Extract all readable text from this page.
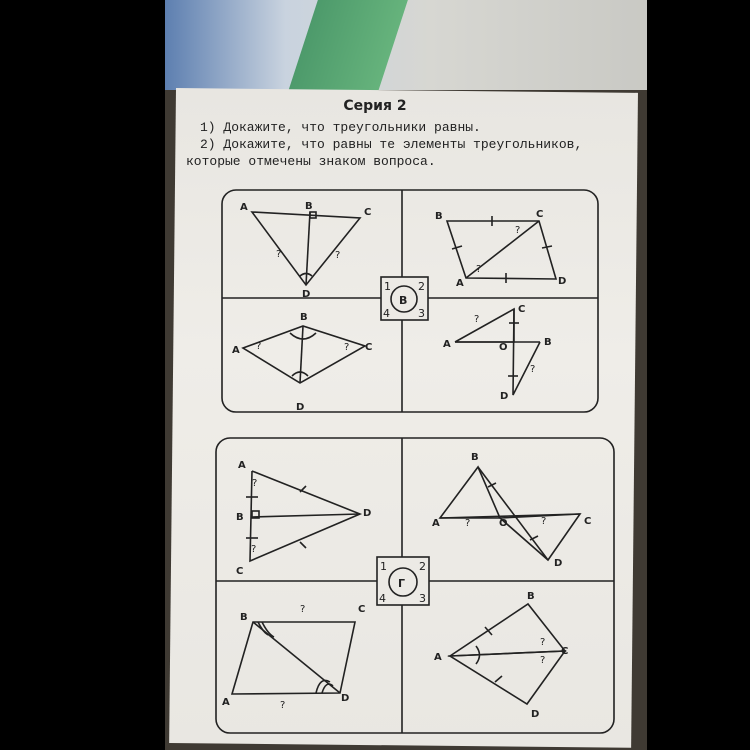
Серия 2
1) Докажите, что треугольники равны.
2) Докажите, что равны те элементы треугольников,
которые отмечены знаком вопроса.
1 2
3
4
В
A	B
C
D
?	?
B	C
A	D
?
?
A
B
C
D
?	?	A
C
O	B
D
?
?
1	2
3
4
Г
A
B
C
D
?
?
B
A	O	C
D
?	?
B
C
A	D
?
?
B
A
C
D
?
?
